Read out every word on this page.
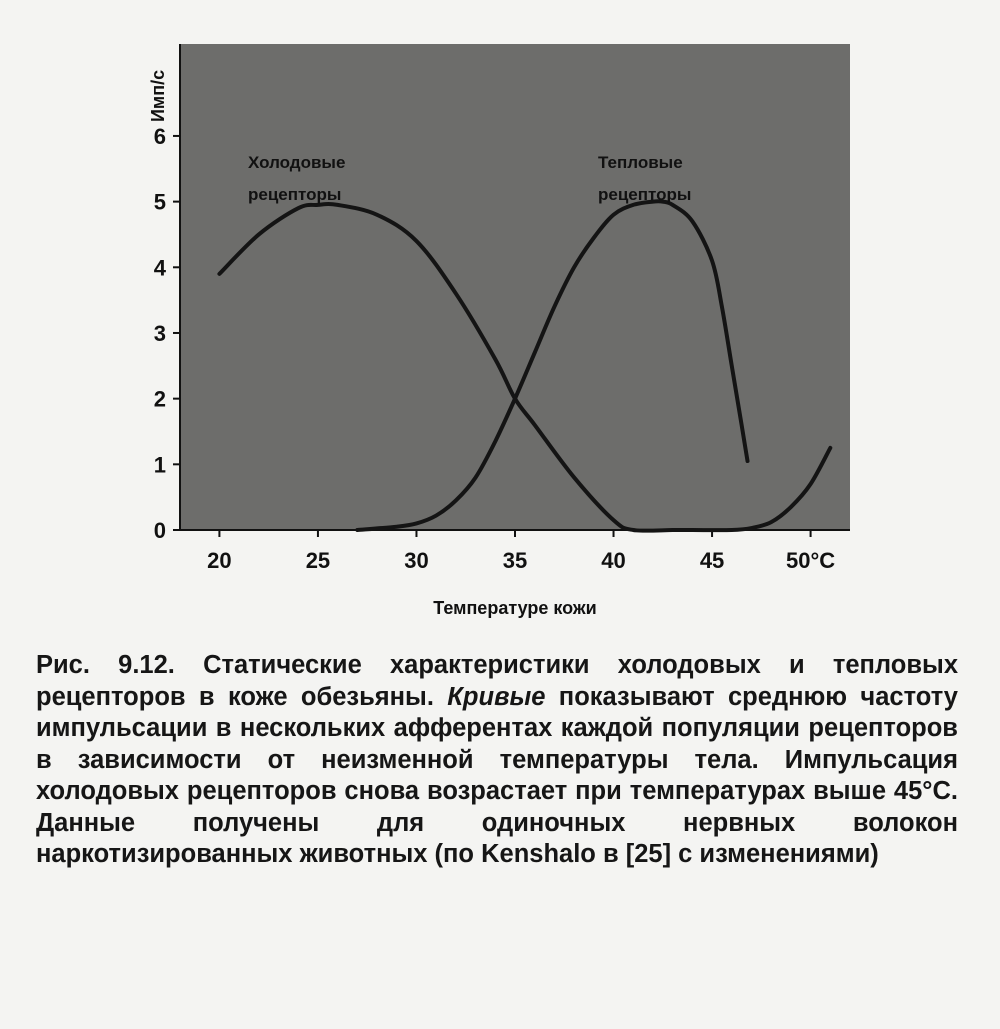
Имп/с
Температуре кожи
20	25	30	35	40	45	50°C
0
1
2
3
4
5
6
Холодовые
рецепторы
Тепловые
рецепторы
Рис. 9.12. Статические характеристики холодовых и тепловых рецепторов в коже обезьяны. Кривые показывают среднюю частоту импульсации в нескольких афферентах каждой популяции рецепторов в зависимости от неизменной температуры тела. Импульсация холодовых рецепторов снова возрастает при температурах выше 45°С. Данные получены для одиночных нервных волокон наркотизированных животных (по Kenshalo в [25] с изменениями)
